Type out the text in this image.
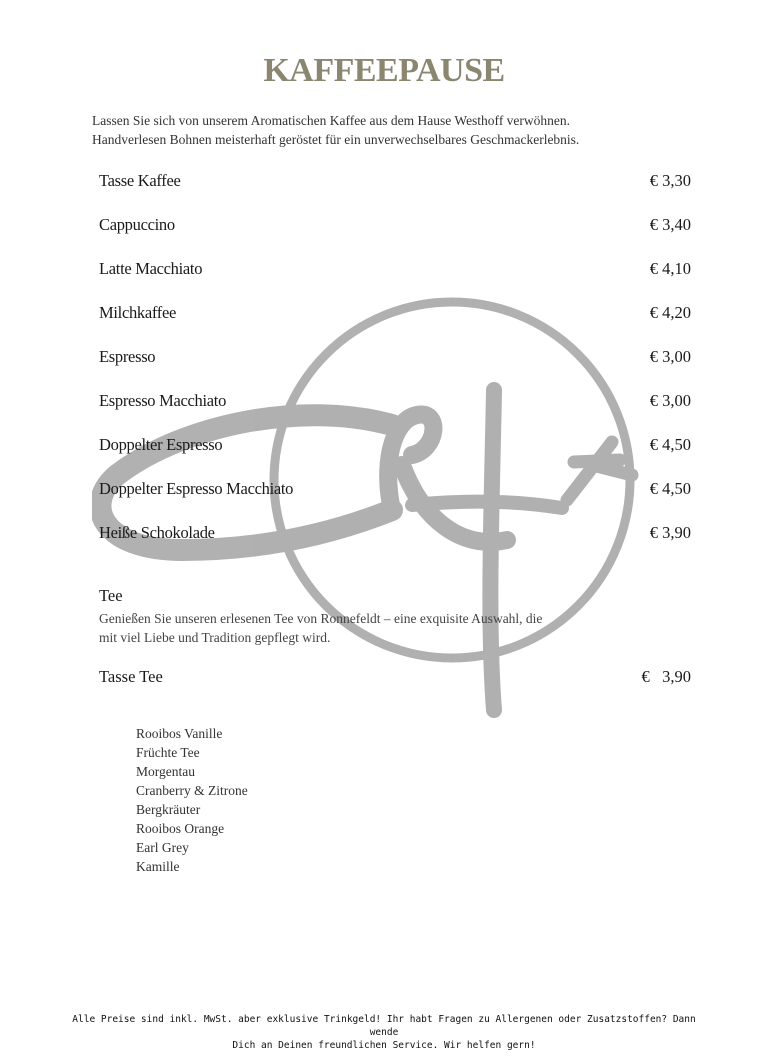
KAFFEEPAUSE
Lassen Sie sich von unserem Aromatischen Kaffee aus dem Hause Westhoff verwöhnen.
Handverlesen Bohnen meisterhaft geröstet für ein unverwechselbares Geschmackerlebnis.
Tasse Kaffee	€ 3,30
Cappuccino	€ 3,40
Latte Macchiato	€ 4,10
Milchkaffee	€ 4,20
Espresso	€ 3,00
Espresso Macchiato	€ 3,00
Doppelter Espresso	€ 4,50
Doppelter Espresso Macchiato	€ 4,50
Heiße Schokolade	€ 3,90
Tee
Genießen Sie unseren erlesenen Tee von Ronnefeldt – eine exquisite Auswahl, die
mit viel Liebe und Tradition gepflegt wird.
Tasse Tee	€   3,90
Rooibos Vanille
Früchte Tee
Morgentau
Cranberry & Zitrone
Bergkräuter
Rooibos Orange
Earl Grey
Kamille
Alle Preise sind inkl. MwSt. aber exklusive Trinkgeld! Ihr habt Fragen zu Allergenen oder Zusatzstoffen? Dann wende
Dich an Deinen freundlichen Service. Wir helfen gern!
